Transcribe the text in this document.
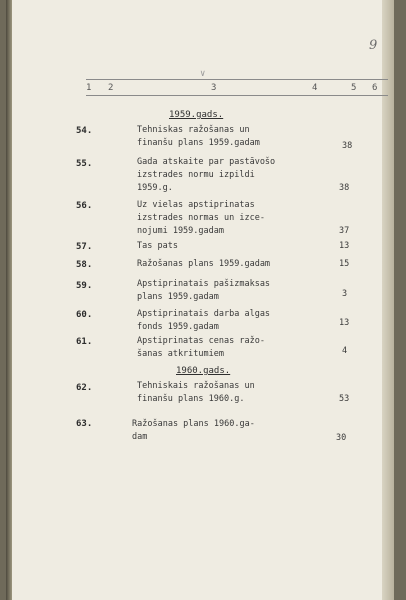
9
∨
1 2	3	4	5 6
1959.gads.
54.	Tehniskas ražošanas un
finanšu plans 1959.gadam	38
55.	Gada atskaite par pastāvošo
izstrades normu izpildi
1959.g.	38
56.	Uz vielas apstiprinatas
izstrades normas un izce-
nojumi 1959.gadam	37
57.	Tas pats	13
58.	Ražošanas plans 1959.gadam	15
59.	Apstiprinatais pašizmaksas
plans 1959.gadam	3
60.	Apstiprinatais darba algas
fonds 1959.gadam	13
61.	Apstiprinatas cenas ražo-
šanas atkritumiem	4
1960.gads.
62.	Tehniskais ražošanas un
finanšu plans 1960.g.	53
63.	Ražošanas plans 1960.ga-
dam	30
